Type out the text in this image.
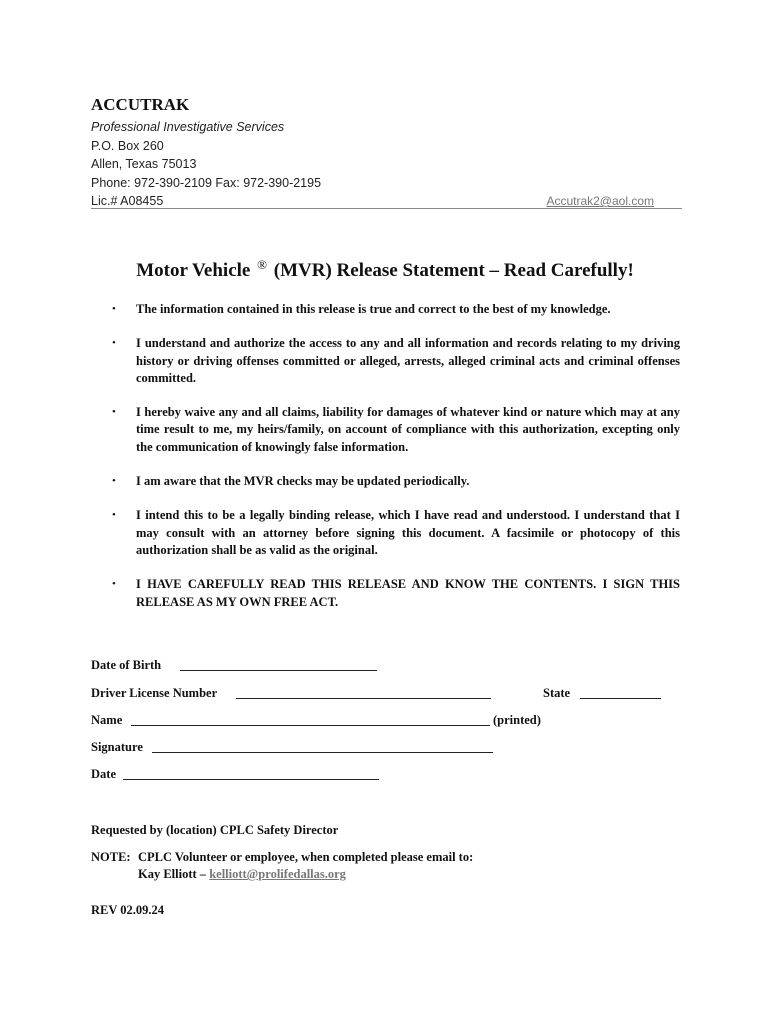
ACCUTRAK
Professional Investigative Services
P.O. Box 260
Allen, Texas 75013
Phone: 972-390-2109 Fax: 972-390-2195
Lic.# A08455	Accutrak2@aol.com
Motor Vehicle ® (MVR) Release Statement – Read Carefully!
• The information contained in this release is true and correct to the best of my knowledge.
• I understand and authorize the access to any and all information and records relating to my driving history or driving offenses committed or alleged, arrests, alleged criminal acts and criminal offenses committed.
• I hereby waive any and all claims, liability for damages of whatever kind or nature which may at any time result to me, my heirs/family, on account of compliance with this authorization, excepting only the communication of knowingly false information.
• I am aware that the MVR checks may be updated periodically.
• I intend this to be a legally binding release, which I have read and understood. I understand that I may consult with an attorney before signing this document. A facsimile or photocopy of this authorization shall be as valid as the original.
• I HAVE CAREFULLY READ THIS RELEASE AND KNOW THE CONTENTS. I SIGN THIS RELEASE AS MY OWN FREE ACT.
Date of Birth
Driver License Number	State
Name	(printed)
Signature
Date
Requested by (location) CPLC Safety Director
NOTE: CPLC Volunteer or employee, when completed please email to:
Kay Elliott – kelliott@prolifedallas.org
REV 02.09.24
